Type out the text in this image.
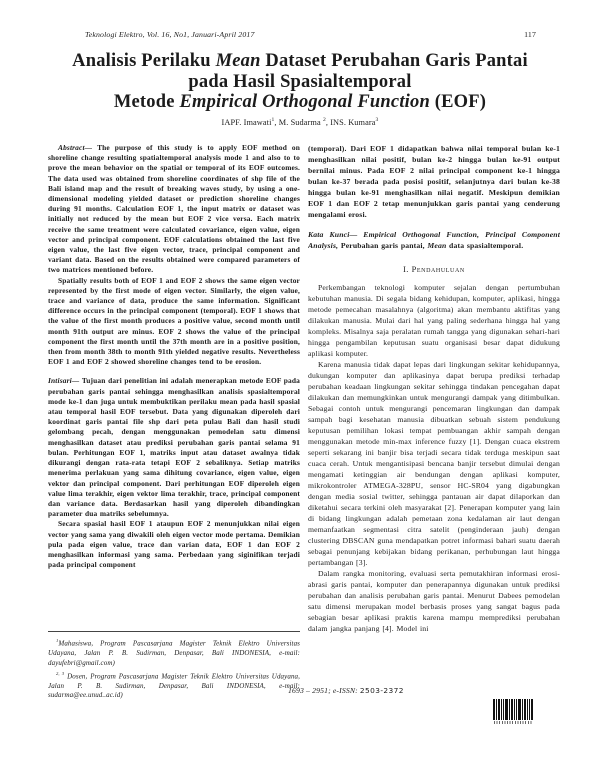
Teknologi Elektro, Vol. 16, No1, Januari-April 2017	117
Analisis Perilaku Mean Dataset Perubahan Garis Pantai
pada Hasil Spasialtemporal
Metode Empirical Orthogonal Function (EOF)
IAPF. Imawati$^1$, M. Sudarma $^2$, INS. Kumara$^3$

Abstract— The purpose of this study is to apply EOF method on shoreline change resulting spatialtemporal analysis mode 1 and also to to prove the mean behavior on the spatial or temporal of its EOF outcomes. The data used was obtained from shoreline coordinates of shp file of the Bali island map and the result of breaking waves study, by using a one-dimensional modeling yielded dataset or prediction shoreline changes during 91 months. Calculation EOF 1, the input matrix or dataset was initially not reduced by the mean but EOF 2 vice versa. Each matrix receive the same treatment were calculated covariance, eigen value, eigen vector and principal component. EOF calculations obtained the last five eigen value, the last five eigen vector, trace, principal component and variant data. Based on the results obtained were compared parameters of two matrices mentioned before.

Spatially results both of EOF 1 and EOF 2 shows the same eigen vector represented by the first mode of eigen vector. Similarly, the eigen value, trace and variance of data, produce the same information. Significant difference occurs in the principal component (temporal). EOF 1 shows that the value of the first month produces a positive value, second month until month 91th output are minus. EOF 2 shows the value of the principal component the first month until the 37th month are in a positive position, then from month 38th to month 91th yielded negative results. Nevertheless EOF 1 and EOF 2 showed shoreline changes tend to be erosion.

Intisari— Tujuan dari penelitian ini adalah menerapkan metode EOF pada perubahan garis pantai sehingga menghasilkan analisis spasialtemporal mode ke-1 dan juga untuk membuktikan perilaku mean pada hasil spasial atau temporal hasil EOF tersebut. Data yang digunakan diperoleh dari koordinat garis pantai file shp dari peta pulau Bali dan hasil studi gelombang pecah, dengan menggunakan pemodelan satu dimensi menghasilkan dataset atau prediksi perubahan garis pantai selama 91 bulan. Perhitungan EOF 1, matriks input atau dataset awalnya tidak dikurangi dengan rata-rata tetapi EOF 2 sebaliknya. Setiap matriks menerima perlakuan yang sama dihitung covariance, eigen value, eigen vektor dan principal component. Dari perhitungan EOF diperoleh eigen value lima terakhir, eigen vektor lima terakhir, trace, principal component dan variance data. Berdasarkan hasil yang diperoleh dibandingkan parameter dua matriks sebelumnya.

Secara spasial hasil EOF 1 ataupun EOF 2 menunjukkan nilai eigen vector yang sama yang diwakili oleh eigen vector mode pertama. Demikian pula pada eigen value, trace dan varian data, EOF 1 dan EOF 2 menghasilkan informasi yang sama. Perbedaan yang siginifikan terjadi pada principal component

$^1$Mahasiswa, Program Pascasarjana Magister Teknik Elektro Universitas Udayana, Jalan P. B. Sudirman, Denpasar, Bali INDONESIA, e-mail: dayufebri@gmail.com)

$^{2, 3}$ Dosen, Program Pascasarjana Magister Teknik Elektro Universitas Udayana, Jalan P. B. Sudirman, Denpasar, Bali INDONESIA, e-mail: sudarma@ee.unud..ac.id)

(temporal). Dari EOF 1 didapatkan bahwa nilai temporal bulan ke-1 menghasilkan nilai positif, bulan ke-2 hingga bulan ke-91 output bernilai minus. Pada EOF 2 nilai principal component ke-1 hingga bulan ke-37 berada pada posisi positif, selanjutnya dari bulan ke-38 hingga bulan ke-91 menghasilkan nilai negatif. Meskipun demikian EOF 1 dan EOF 2 tetap menunjukkan garis pantai yang cenderung mengalami erosi.

Kata Kunci— Empirical Orthogonal Function, Principal Component Analysis, Perubahan garis pantai, Mean data spasialtemporal.

I. Pendahuluan

Perkembangan teknologi komputer sejalan dengan pertumbuhan kebutuhan manusia. Di segala bidang kehidupan, komputer, aplikasi, hingga metode pemecahan masalahnya (algoritma) akan membantu aktifitas yang dilakukan manusia. Mulai dari hal yang paling sederhana hingga hal yang kompleks. Misalnya saja peralatan rumah tangga yang digunakan sehari-hari hingga pengambilan keputusan suatu organisasi besar dapat didukung aplikasi komputer.

Karena manusia tidak dapat lepas dari lingkungan sekitar kehidupannya, dukungan komputer dan aplikasinya dapat berupa prediksi terhadap perubahan keadaan lingkungan sekitar sehingga tindakan pencegahan dapat dilakukan dan memungkinkan untuk mengurangi dampak yang ditimbulkan. Sebagai contoh untuk mengurangi pencemaran lingkungan dan dampak sampah bagi kesehatan manusia dibuatkan sebuah sistem pendukung keputusan pemilihan lokasi tempat pembuangan akhir sampah dengan menggunakan metode min-max inference fuzzy [1]. Dengan cuaca ekstrem seperti sekarang ini banjir bisa terjadi secara tidak terduga meskipun saat cuaca cerah. Untuk mengantisipasi bencana banjir tersebut dimulai dengan mengamati ketinggian air bendungan dengan aplikasi komputer, mikrokontroler ATMEGA-328PU, sensor HC-SR04 yang digabungkan dengan media sosial twitter, sehingga pantauan air dapat dilaporkan dan diketahui secara terkini oleh masyarakat [2]. Penerapan komputer yang lain di bidang lingkungan adalah pemetaan zona kedalaman air laut dengan memanfaatkan segmentasi citra satelit (penginderaan jauh) dengan clustering DBSCAN guna mendapatkan potret informasi bahari suatu daerah sebagai penunjang kebijakan bidang perikanan, perhubungan laut hingga pertambangan [3].

Dalam rangka monitoring, evaluasi serta pemutakhiran informasi erosi-abrasi garis pantai, komputer dan penerapannya digunakan untuk prediksi perubahan dan analisis perubahan garis pantai. Menurut Dabees pemodelan satu dimensi merupakan model berbasis proses yang sangat bagus pada sebagian besar aplikasi praktis karena mampu memprediksi perubahan dalam jangka panjang [4]. Model ini

1693 – 2951; e-ISSN: 2503-2372
